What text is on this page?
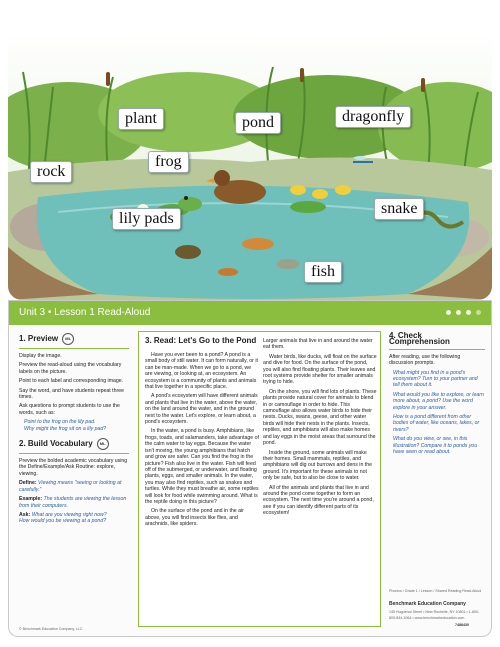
plant	pond	dragonfly
rock
frog
lily pads
snake
fish
Unit 3 • Lesson 1 Read-Aloud
1. Preview	ML

Display the image.

Preview the read-aloud using the vocabulary labels on the picture.

Point to each label and corresponding image.

Say the word, and have students repeat three times.

Ask questions to prompt students to use the words, such as:

Point to the frog on the lily pad.
Why might the frog sit on a lily pad?

2. Build Vocabulary	ML

Preview the bolded academic vocabulary using the Define/Example/Ask Routine: explore, viewing.

Define: Viewing means "seeing or looking at carefully."

Example: The students are viewing the lesson from their computers.

Ask: What are you viewing right now?
How would you be viewing at a pond?

3. Read: Let's Go to the Pond

Have you ever been to a pond? A pond is a small body of still water. It can form naturally, or it can be man-made. When we go to a pond, we are viewing, or looking at, an ecosystem. An ecosystem is a community of plants and animals that live together in a specific place.

A pond's ecosystem will have different animals and plants that live in the water, above the water, on the land around the water, and in the ground next to the water. Let's explore, or learn about, a pond's ecosystem.

In the water, a pond is busy. Amphibians, like frogs, toads, and salamanders, take advantage of the calm water to lay eggs. Because the water isn't moving, the young amphibians that hatch and grow are safer. Can you find the frog in the picture? Fish also live in the water. Fish will feed off of the submerged, or underwater, and floating plants, eggs, and smaller animals. In the water, you may also find reptiles, such as snakes and turtles. While they must breathe air, some reptiles will look for food while swimming around. What is the reptile doing in this picture?

On the surface of the pond and in the air above, you will find insects like flies, and arachnids, like spiders.

Larger animals that live in and around the water eat them.

Water birds, like ducks, will float on the surface and dive for food. On the surface of the pond, you will also find floating plants. Their leaves and root systems provide shelter for smaller animals trying to hide.

On the shore, you will find lots of plants. These plants provide natural cover for animals to blend in or camouflage in order to hide. This camouflage also allows water birds to hide their nests. Ducks, swans, geese, and other water birds will hide their nests in the plants. Insects, reptiles, and amphibians will also make homes and lay eggs in the moist areas that surround the pond.

Inside the ground, some animals will make their homes. Small mammals, reptiles, and amphibians will dig out burrows and dens in the ground. It's important for these animals to not only be safe, but to also be close to water.

All of the animals and plants that live in and around the pond come together to form an ecosystem. The next time you're around a pond, see if you can identify different parts of its ecosystem!

4. Check Comprehension

After reading, use the following discussion prompts.

What might you find in a pond's ecosystem? Turn to your partner and tell them about it.

What would you like to explore, or learn more about, a pond? Use the word explore in your answer.

How is a pond different from other bodies of water, like oceans, lakes, or rivers?

What do you view, or see, in this illustration? Compare it to ponds you have seen or read about.

© Benchmark Education Company, LLC
Phonics / Grade 1 / Lesson / Shared Reading Read-Aloud
Benchmark Education Company
145 Huguenot Street • New Rochelle, NY 10801 • 1-800-
800-844-1064 • www.benchmarkeducation.com
7488430
